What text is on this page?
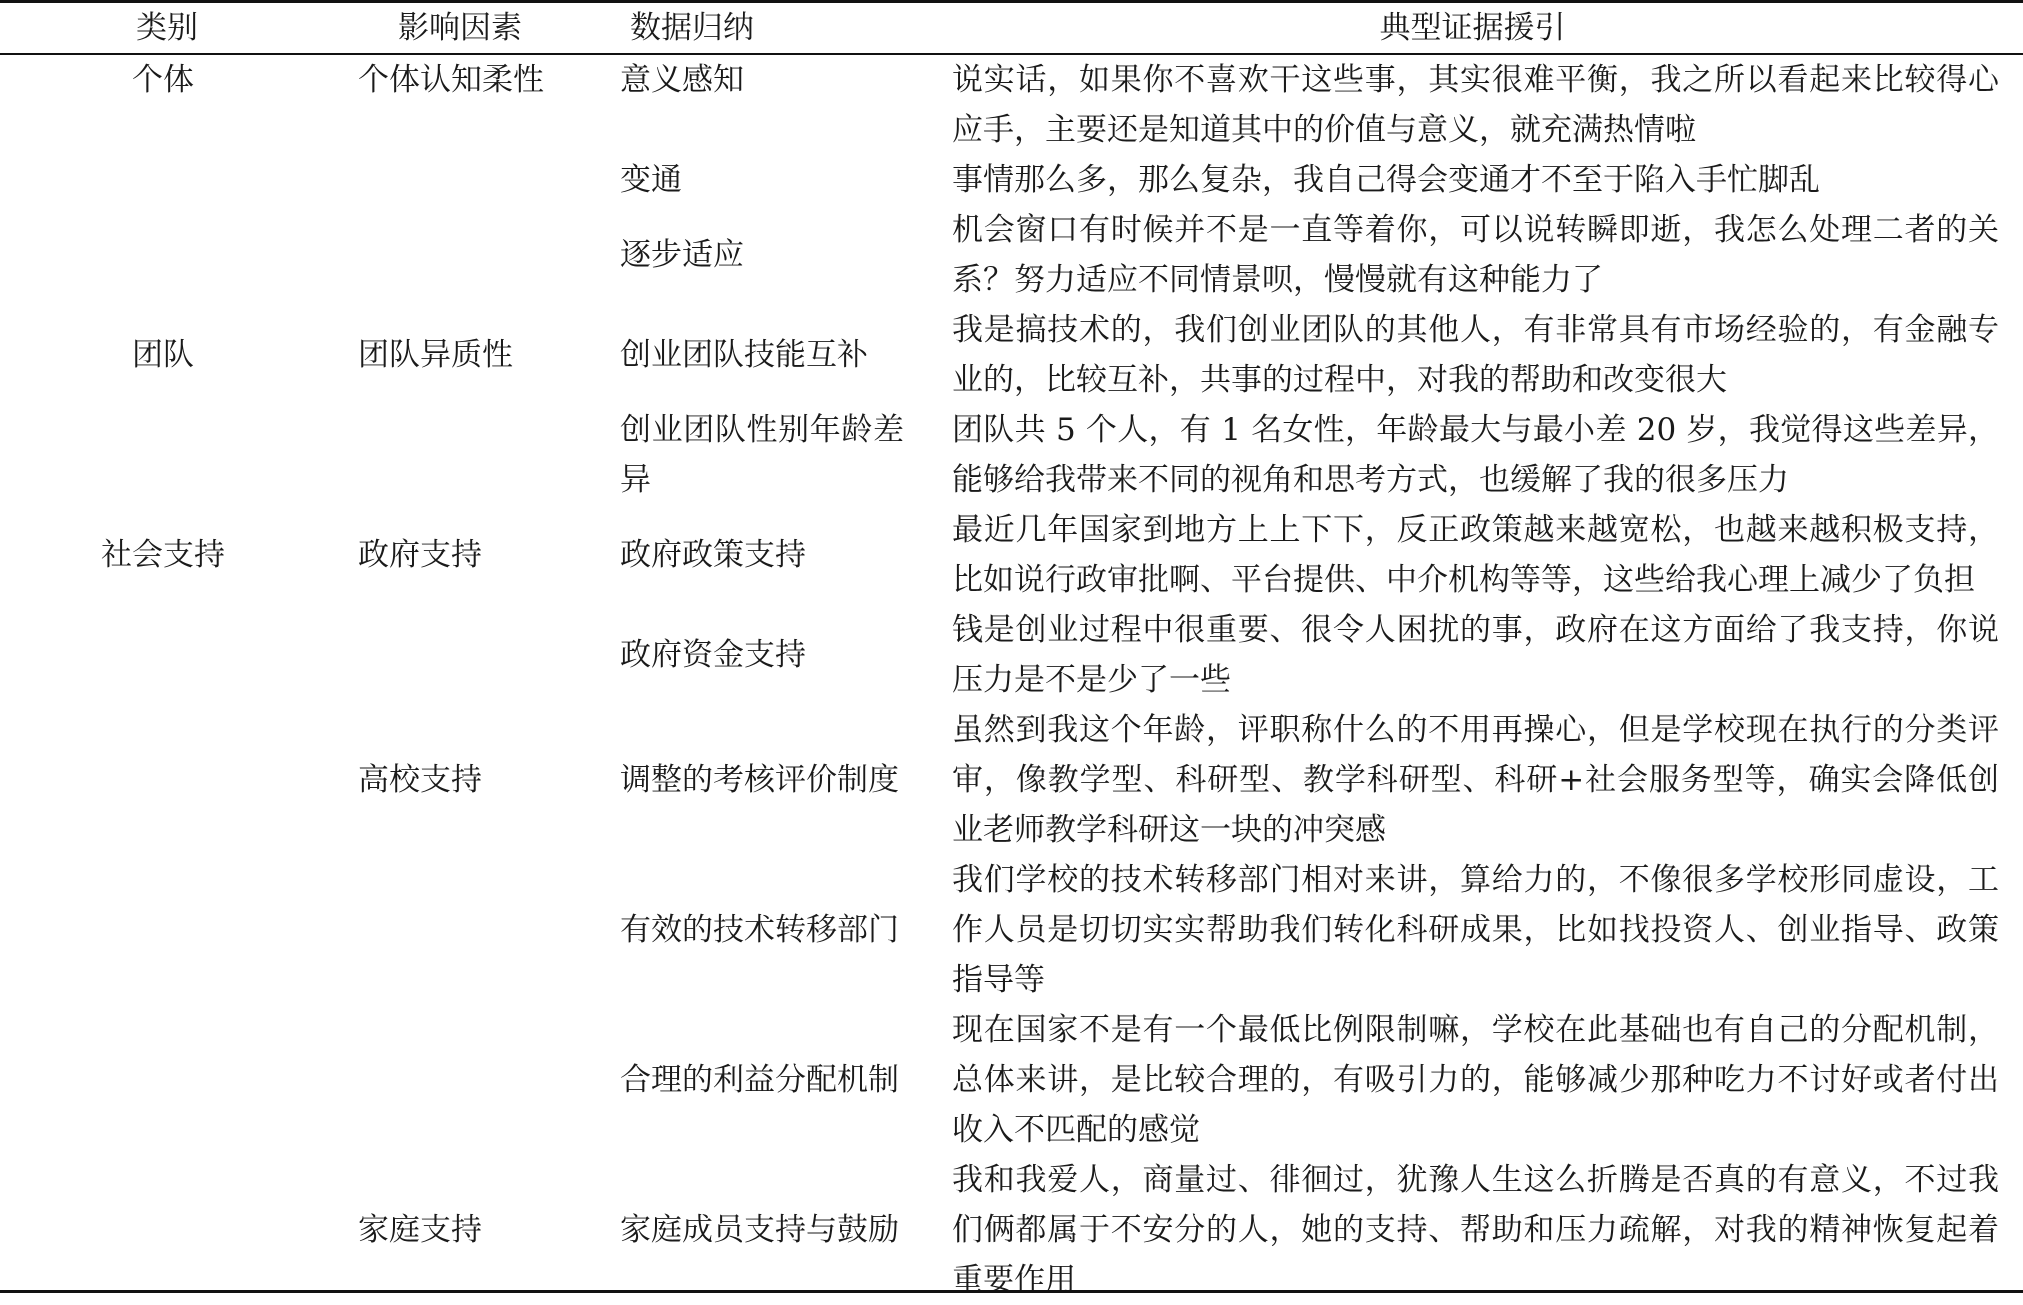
类别	影响因素	数据归纳	典型证据援引
个体	个体认知柔性	意义感知	说实话，如果你不喜欢干这些事，其实很难平衡，我之所以看起来比较得心应手，主要还是知道其中的价值与意义，就充满热情啦
		变通	事情那么多，那么复杂，我自己得会变通才不至于陷入手忙脚乱
		逐步适应	机会窗口有时候并不是一直等着你，可以说转瞬即逝，我怎么处理二者的关系？努力适应不同情景呗，慢慢就有这种能力了
团队	团队异质性	创业团队技能互补	我是搞技术的，我们创业团队的其他人，有非常具有市场经验的，有金融专业的，比较互补，共事的过程中，对我的帮助和改变很大
		创业团队性别年龄差异	团队共 5 个人，有 1 名女性，年龄最大与最小差 20 岁，我觉得这些差异，能够给我带来不同的视角和思考方式，也缓解了我的很多压力
社会支持	政府支持	政府政策支持	最近几年国家到地方上上下下，反正政策越来越宽松，也越来越积极支持，比如说行政审批啊、平台提供、中介机构等等，这些给我心理上减少了负担
		政府资金支持	钱是创业过程中很重要、很令人困扰的事，政府在这方面给了我支持，你说压力是不是少了一些
	高校支持	调整的考核评价制度	虽然到我这个年龄，评职称什么的不用再操心，但是学校现在执行的分类评审，像教学型、科研型、教学科研型、科研+社会服务型等，确实会降低创业老师教学科研这一块的冲突感
		有效的技术转移部门	我们学校的技术转移部门相对来讲，算给力的，不像很多学校形同虚设，工作人员是切切实实帮助我们转化科研成果，比如找投资人、创业指导、政策指导等
		合理的利益分配机制	现在国家不是有一个最低比例限制嘛，学校在此基础也有自己的分配机制，总体来讲，是比较合理的，有吸引力的，能够减少那种吃力不讨好或者付出收入不匹配的感觉
	家庭支持	家庭成员支持与鼓励	我和我爱人，商量过、徘徊过，犹豫人生这么折腾是否真的有意义，不过我们俩都属于不安分的人，她的支持、帮助和压力疏解，对我的精神恢复起着重要作用
